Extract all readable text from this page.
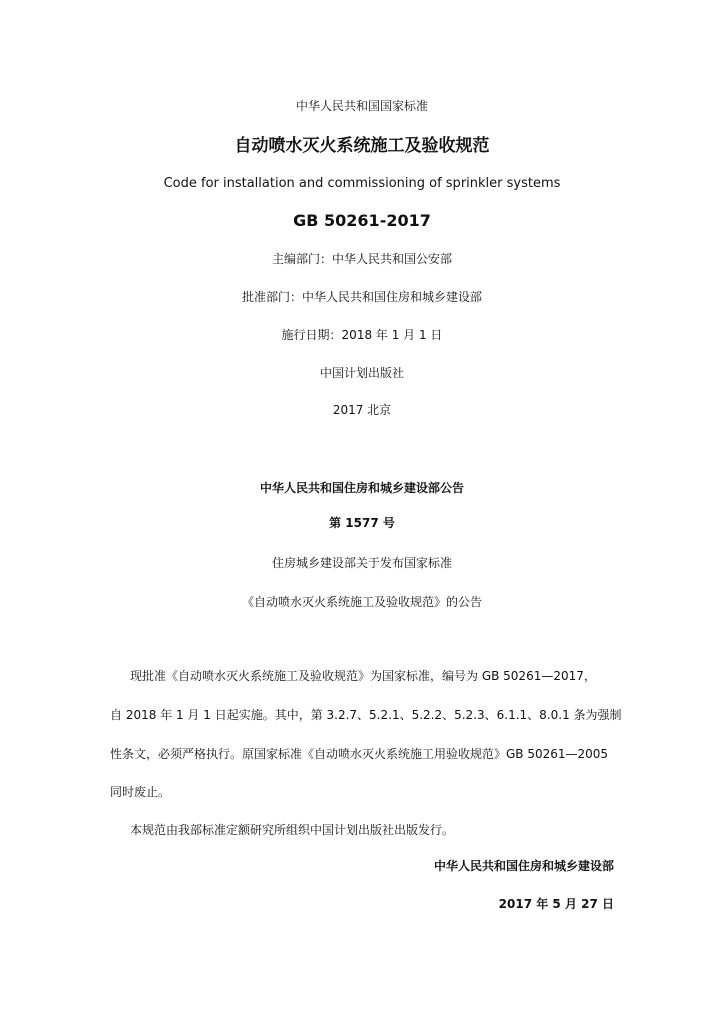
中华人民共和国国家标准
自动喷水灭火系统施工及验收规范
Code for installation and commissioning of sprinkler systems
GB 50261-2017
主编部门：中华人民共和国公安部
批准部门：中华人民共和国住房和城乡建设部
施行日期：2018 年 1 月 1 日
中国计划出版社
2017 北京
中华人民共和国住房和城乡建设部公告
第 1577 号
住房城乡建设部关于发布国家标准
《自动喷水灭火系统施工及验收规范》的公告
现批准《自动喷水灭火系统施工及验收规范》为国家标准，编号为 GB 50261—2017，
自 2018 年 1 月 1 日起实施。其中，第 3.2.7、5.2.1、5.2.2、5.2.3、6.1.1、8.0.1 条为强制
性条文，必须严格执行。原国家标准《自动喷水灭火系统施工用验收规范》GB 50261—2005
同时废止。
本规范由我部标准定额研究所组织中国计划出版社出版发行。
中华人民共和国住房和城乡建设部
2017 年 5 月 27 日
